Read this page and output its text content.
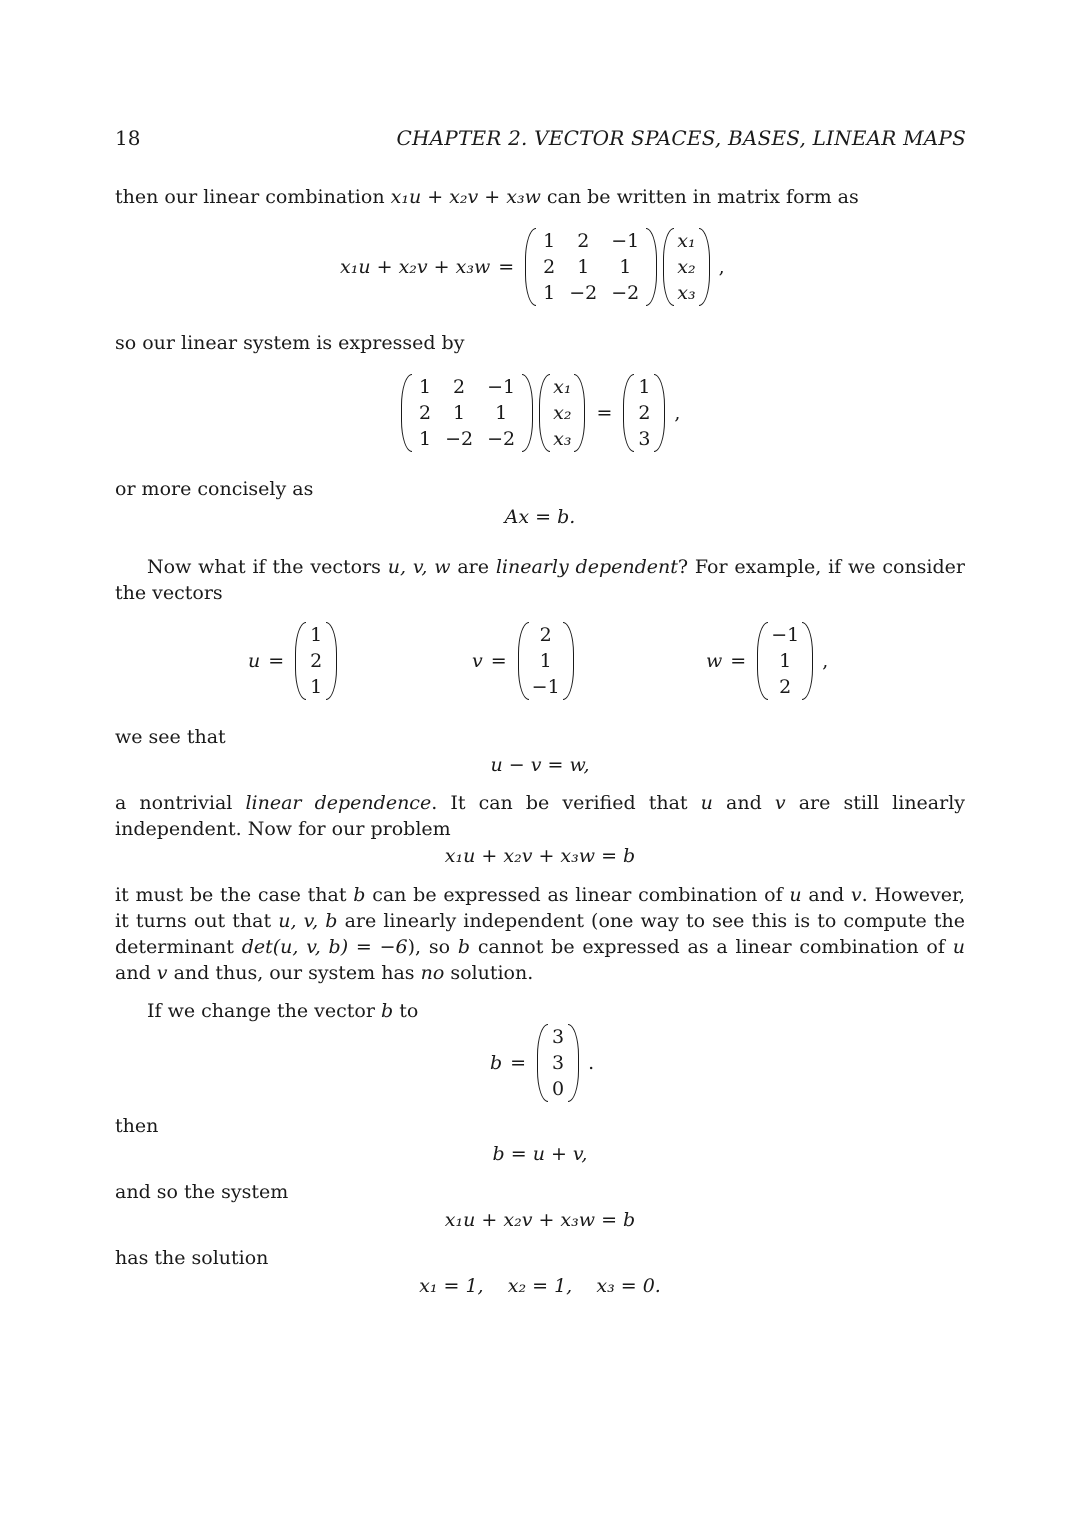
18	CHAPTER 2. VECTOR SPACES, BASES, LINEAR MAPS
then our linear combination x₁u + x₂v + x₃w can be written in matrix form as
x₁u + x₂v + x₃w =
1	2	−1
2	1	1
1	−2	−2
x₁
x₂
x₃
,
so our linear system is expressed by
1	2	−1
2	1	1
1	−2	−2
x₁
x₂
x₃
=
1
2
3
,
or more concisely as
Ax = b.
Now what if the vectors u, v, w are linearly dependent? For example, if we consider the vectors
u =
1
2
1
v =
2
1
−1
w =
−1
1
2
,
we see that
u − v = w,
a nontrivial linear dependence. It can be verified that u and v are still linearly independent. Now for our problem
x₁u + x₂v + x₃w = b
it must be the case that b can be expressed as linear combination of u and v. However, it turns out that u, v, b are linearly independent (one way to see this is to compute the determinant det(u, v, b) = −6), so b cannot be expressed as a linear combination of u and v and thus, our system has no solution.
If we change the vector b to
b =
3
3
0
.
then
b = u + v,
and so the system
x₁u + x₂v + x₃w = b
has the solution
x₁ = 1,    x₂ = 1,    x₃ = 0.
